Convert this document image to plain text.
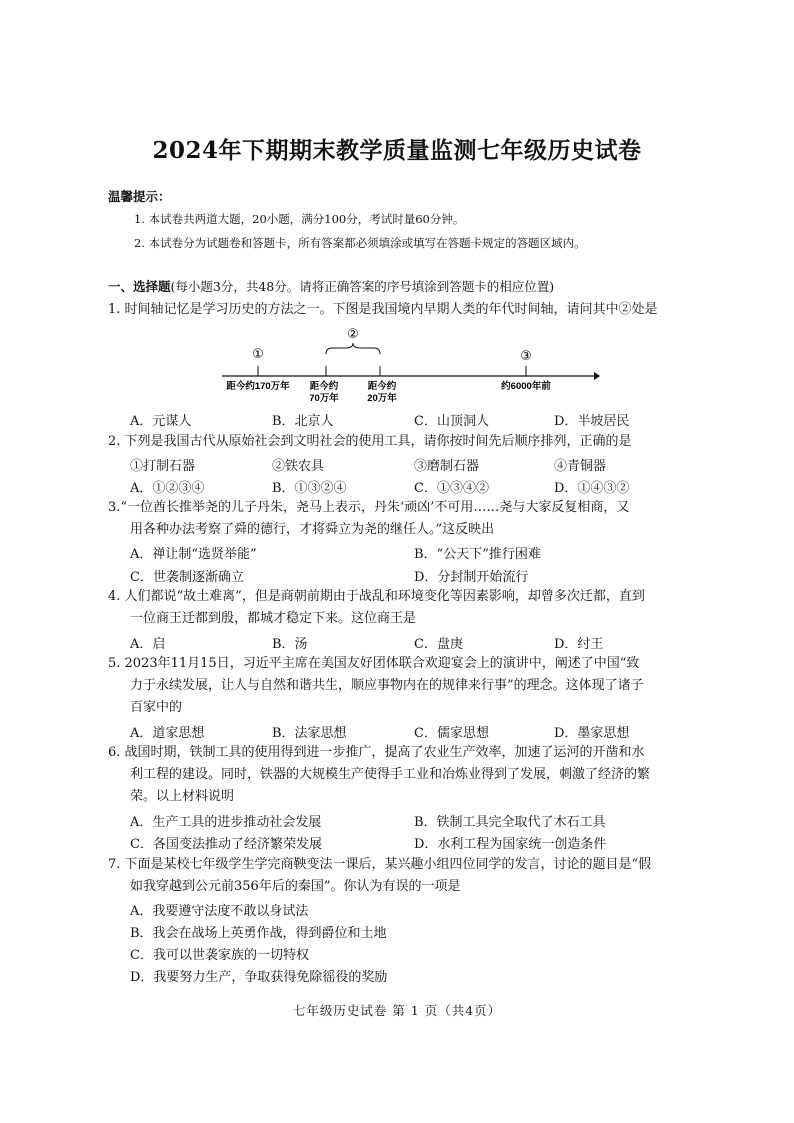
2024年下期期末教学质量监测七年级历史试卷
温馨提示：
1. 本试卷共两道大题，20小题，满分100分，考试时量60分钟。
2. 本试卷分为试题卷和答题卡，所有答案都必须填涂或填写在答题卡规定的答题区域内。
一、选择题(每小题3分，共48分。请将正确答案的序号填涂到答题卡的相应位置)
1. 时间轴记忆是学习历史的方法之一。下图是我国境内早期人类的年代时间轴，请问其中②处是
①
②
③
距今约170万年 距今约
70万年
距今约
20万年
约6000年前
A．元谋人	B．北京人	C．山顶洞人	D．半坡居民
2. 下列是我国古代从原始社会到文明社会的使用工具，请你按时间先后顺序排列，正确的是
①打制石器	②铁农具	③磨制石器	④青铜器
A．①②③④	B．①③②④	C．①③④②	D．①④③②
3.“一位酋长推举尧的儿子丹朱，尧马上表示，丹朱‘顽凶’不可用……尧与大家反复相商，又
用各种办法考察了舜的德行，才将舜立为尧的继任人。”这反映出
A．禅让制“选贤举能”	B．“公天下”推行困难
C．世袭制逐渐确立	D．分封制开始流行
4. 人们都说“故土难离”，但是商朝前期由于战乱和环境变化等因素影响，却曾多次迁都，直到
一位商王迁都到殷，都城才稳定下来。这位商王是
A．启	B．汤	C．盘庚	D．纣王
5. 2023年11月15日，习近平主席在美国友好团体联合欢迎宴会上的演讲中，阐述了中国“致
力于永续发展，让人与自然和谐共生，顺应事物内在的规律来行事”的理念。这体现了诸子
百家中的
A．道家思想	B．法家思想	C．儒家思想	D．墨家思想
6. 战国时期，铁制工具的使用得到进一步推广，提高了农业生产效率，加速了运河的开凿和水
利工程的建设。同时，铁器的大规模生产使得手工业和冶炼业得到了发展，刺激了经济的繁
荣。以上材料说明
A．生产工具的进步推动社会发展	B．铁制工具完全取代了木石工具
C．各国变法推动了经济繁荣发展	D．水利工程为国家统一创造条件
7. 下面是某校七年级学生学完商鞅变法一课后，某兴趣小组四位同学的发言，讨论的题目是“假
如我穿越到公元前356年后的秦国”。你认为有误的一项是
A．我要遵守法度不敢以身试法
B．我会在战场上英勇作战，得到爵位和土地
C．我可以世袭家族的一切特权
D．我要努力生产，争取获得免除徭役的奖励
七年级历史试卷 第 1 页（共4页）
